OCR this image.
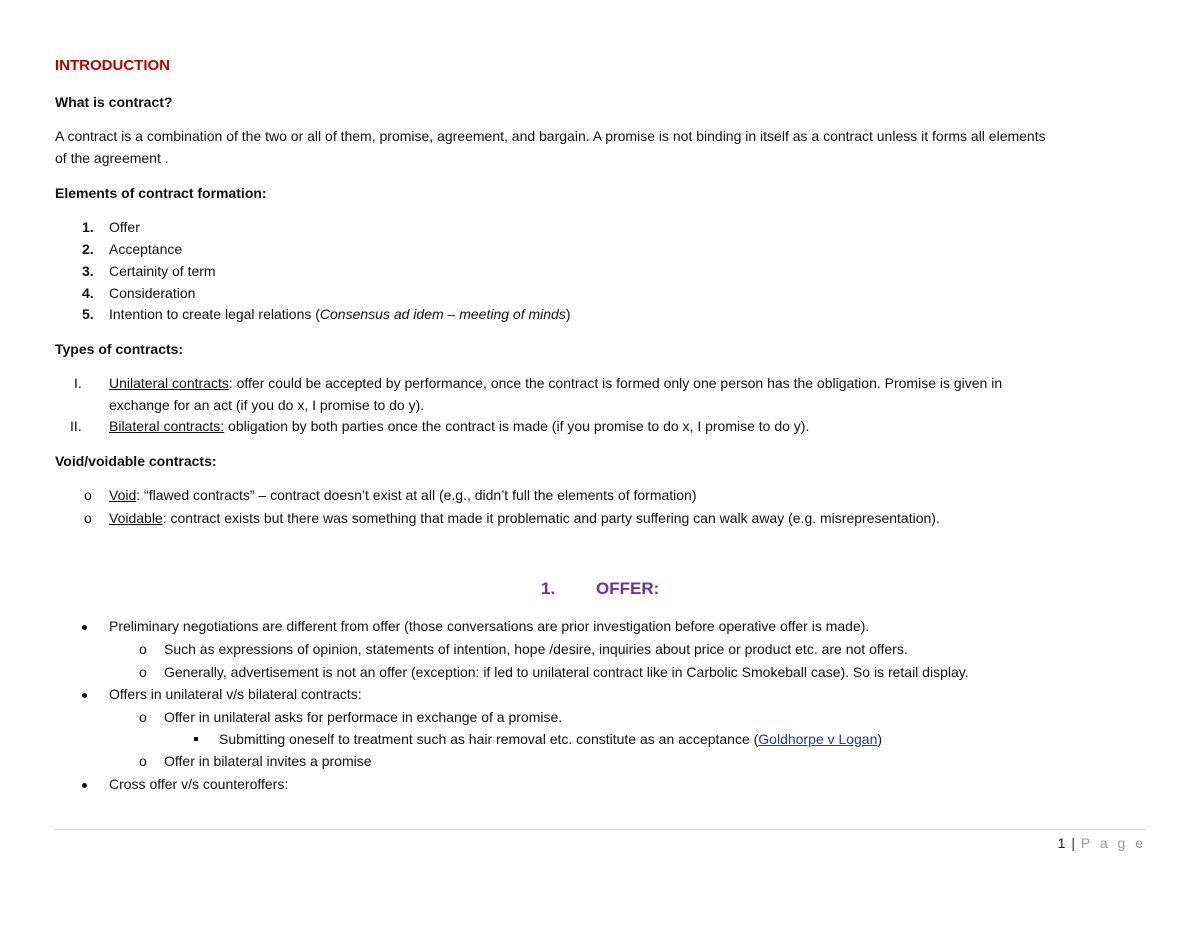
INTRODUCTION
What is contract?
A contract is a combination of the two or all of them, promise, agreement, and bargain. A promise is not binding in itself as a contract unless it forms all elements
of the agreement .
Elements of contract formation:
1. Offer
2. Acceptance
3. Certainity of term
4. Consideration
5. Intention to create legal relations (Consensus ad idem – meeting of minds)
Types of contracts:
I. Unilateral contracts: offer could be accepted by performance, once the contract is formed only one person has the obligation. Promise is given in
exchange for an act (if you do x, I promise to do y).
II. Bilateral contracts: obligation by both parties once the contract is made (if you promise to do x, I promise to do y).
Void/voidable contracts:
o Void: “flawed contracts” – contract doesn’t exist at all (e.g., didn’t full the elements of formation)
o Voidable: contract exists but there was something that made it problematic and party suffering can walk away (e.g. misrepresentation).
1. OFFER:
Preliminary negotiations are different from offer (those conversations are prior investigation before operative offer is made).
o Such as expressions of opinion, statements of intention, hope /desire, inquiries about price or product etc. are not offers.
o Generally, advertisement is not an offer (exception: if led to unilateral contract like in Carbolic Smokeball case). So is retail display.
Offers in unilateral v/s bilateral contracts:
o Offer in unilateral asks for performace in exchange of a promise.
Submitting oneself to treatment such as hair removal etc. constitute as an acceptance (Goldhorpe v Logan)
o Offer in bilateral invites a promise
Cross offer v/s counteroffers:
1 | P a g e
